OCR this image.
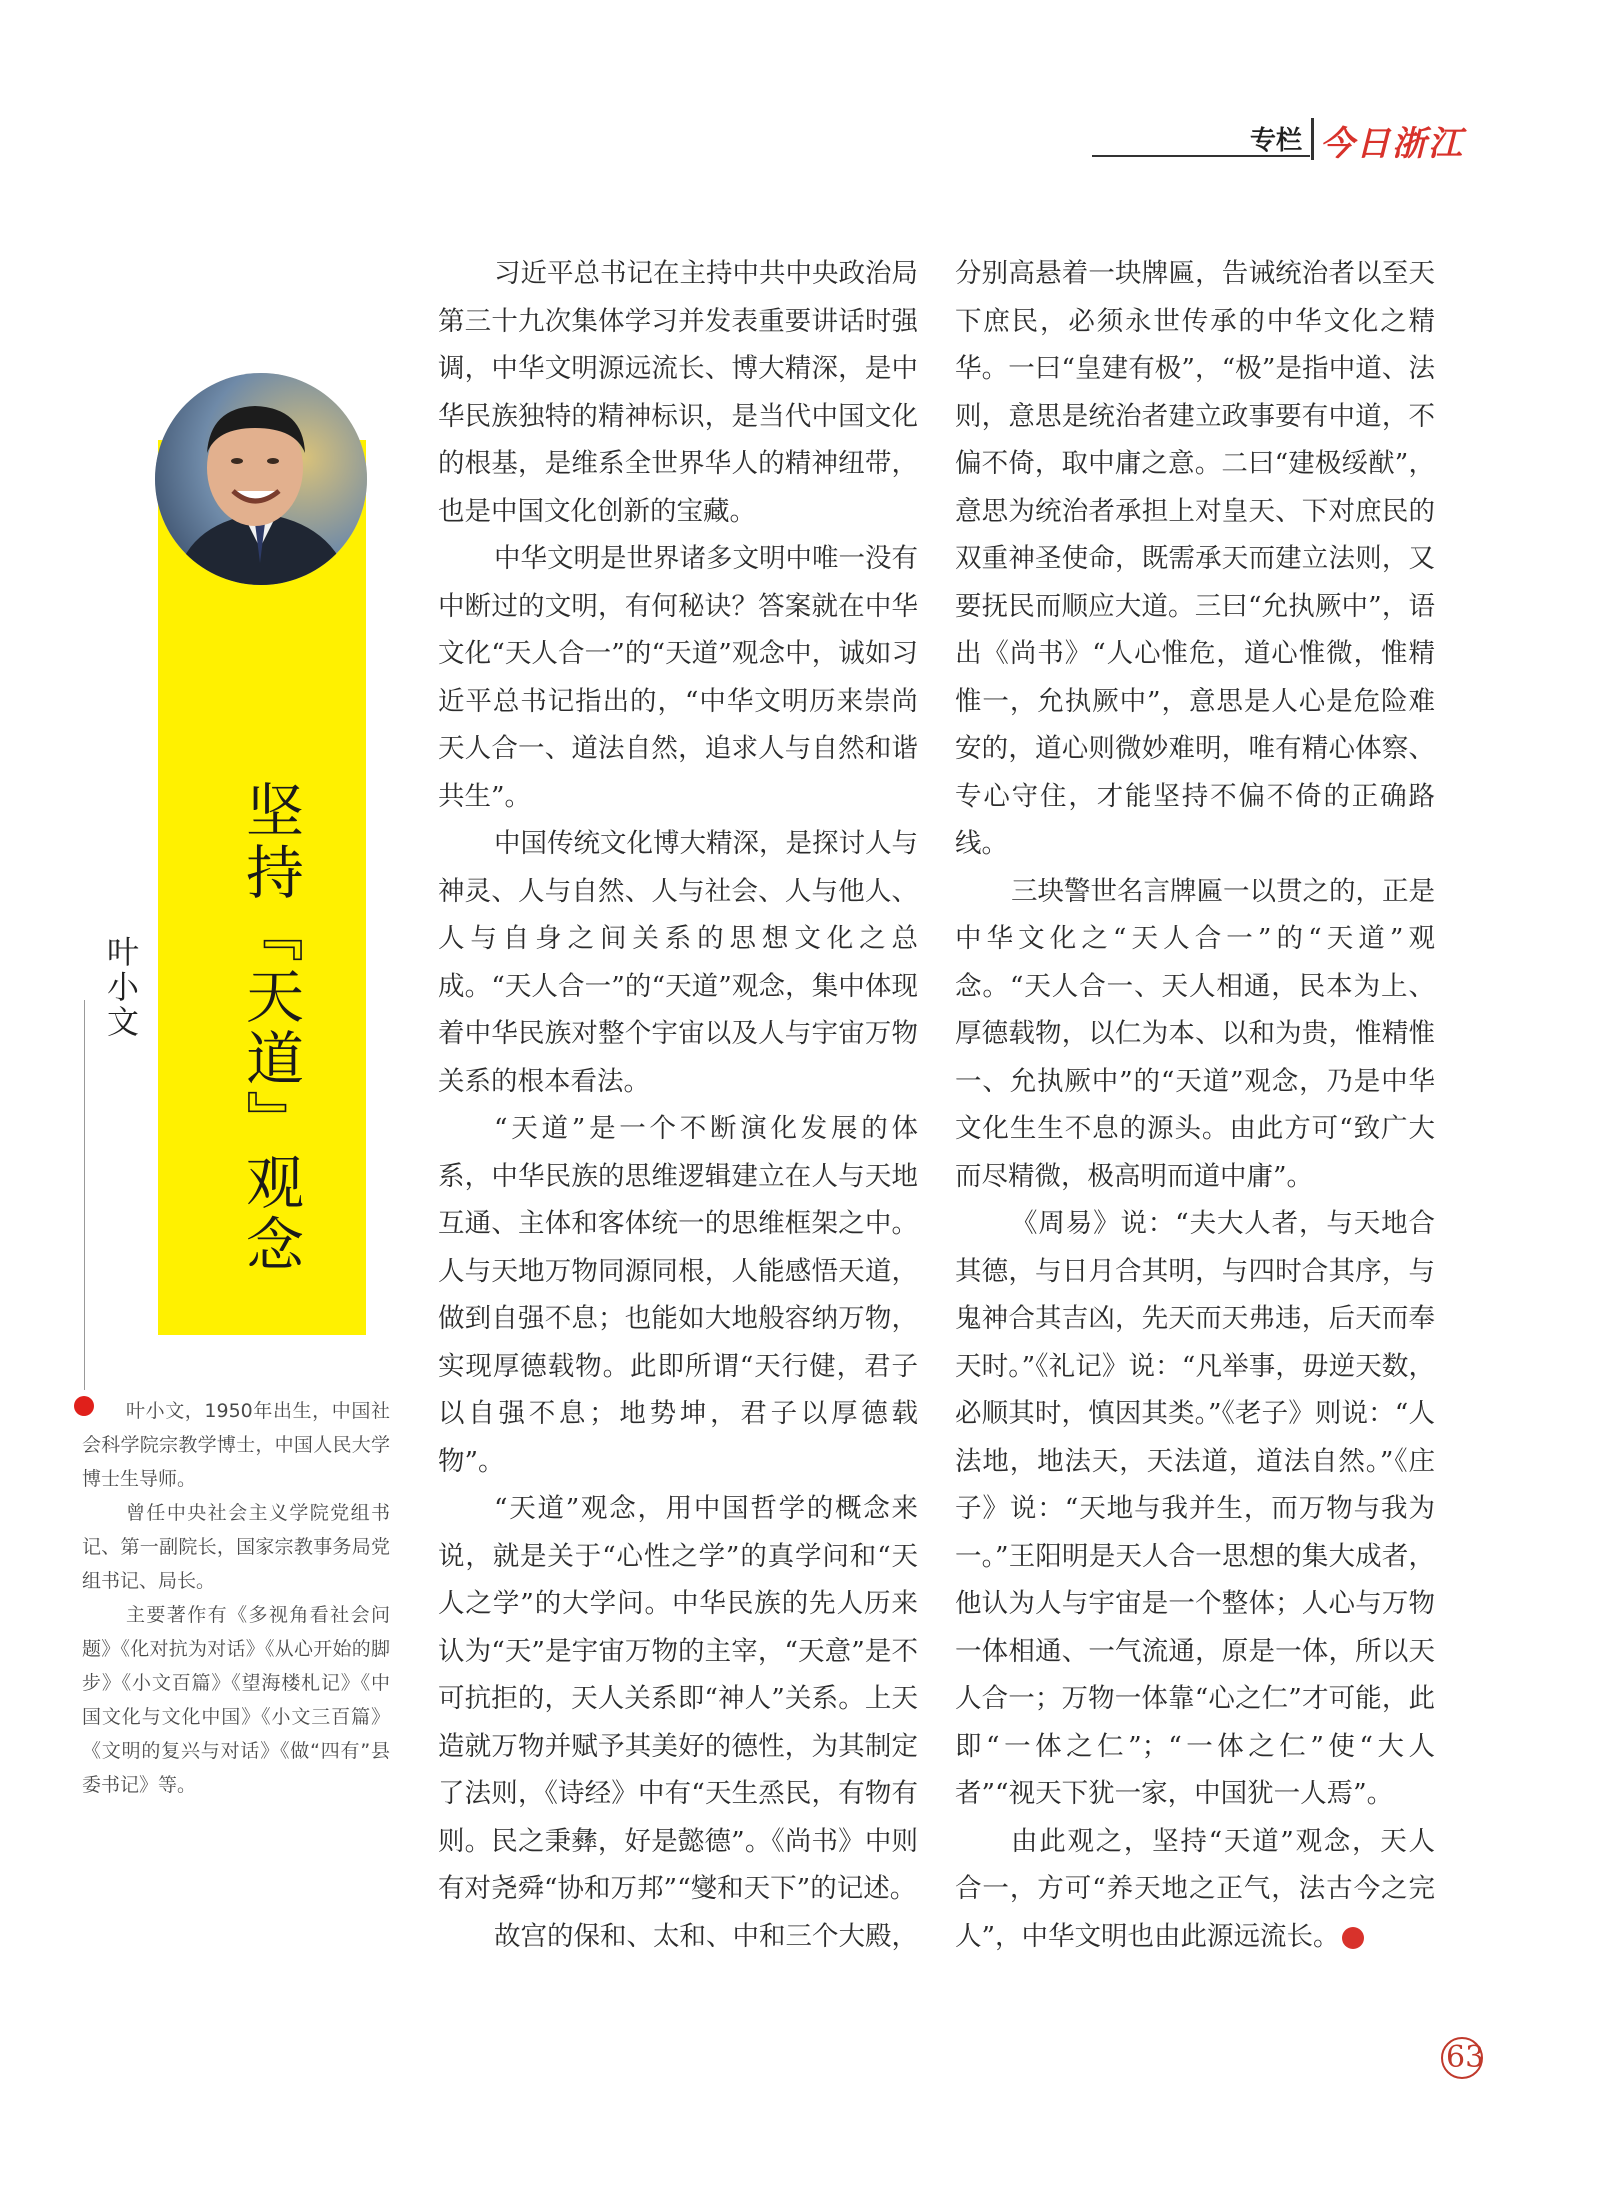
专栏 今日浙江
坚持『天道』观念
叶小文

叶小文，1950年出生，中国社会科学院宗教学博士，中国人民大学博士生导师。

曾任中央社会主义学院党组书记、第一副院长，国家宗教事务局党组书记、局长。

主要著作有《多视角看社会问题》《化对抗为对话》《从心开始的脚步》《小文百篇》《望海楼札记》《中国文化与文化中国》《小文三百篇》《文明的复兴与对话》《做“四有”县委书记》等。

习近平总书记在主持中共中央政治局第三十九次集体学习并发表重要讲话时强调，中华文明源远流长、博大精深，是中华民族独特的精神标识，是当代中国文化的根基，是维系全世界华人的精神纽带，也是中国文化创新的宝藏。

中华文明是世界诸多文明中唯一没有中断过的文明，有何秘诀？答案就在中华文化“天人合一”的“天道”观念中，诚如习近平总书记指出的，“中华文明历来崇尚天人合一、道法自然，追求人与自然和谐共生”。

中国传统文化博大精深，是探讨人与神灵、人与自然、人与社会、人与他人、人与自身之间关系的思想文化之总成。“天人合一”的“天道”观念，集中体现着中华民族对整个宇宙以及人与宇宙万物关系的根本看法。

“天道”是一个不断演化发展的体系，中华民族的思维逻辑建立在人与天地互通、主体和客体统一的思维框架之中。人与天地万物同源同根，人能感悟天道，做到自强不息；也能如大地般容纳万物，实现厚德载物。此即所谓“天行健，君子以自强不息；地势坤，君子以厚德载物”。

“天道”观念，用中国哲学的概念来说，就是关于“心性之学”的真学问和“天人之学”的大学问。中华民族的先人历来认为“天”是宇宙万物的主宰，“天意”是不可抗拒的，天人关系即“神人”关系。上天造就万物并赋予其美好的德性，为其制定了法则，《诗经》中有“天生烝民，有物有则。民之秉彝，好是懿德”。《尚书》中则有对尧舜“协和万邦”“燮和天下”的记述。

故宫的保和、太和、中和三个大殿，

分别高悬着一块牌匾，告诫统治者以至天下庶民，必须永世传承的中华文化之精华。一曰“皇建有极”，“极”是指中道、法则，意思是统治者建立政事要有中道，不偏不倚，取中庸之意。二曰“建极绥猷”，意思为统治者承担上对皇天、下对庶民的双重神圣使命，既需承天而建立法则，又要抚民而顺应大道。三曰“允执厥中”，语出《尚书》“人心惟危，道心惟微，惟精惟一，允执厥中”，意思是人心是危险难安的，道心则微妙难明，唯有精心体察、专心守住，才能坚持不偏不倚的正确路线。

三块警世名言牌匾一以贯之的，正是中华文化之“天人合一”的“天道”观念。“天人合一、天人相通，民本为上、厚德载物，以仁为本、以和为贵，惟精惟一、允执厥中”的“天道”观念，乃是中华文化生生不息的源头。由此方可“致广大而尽精微，极高明而道中庸”。

《周易》说：“夫大人者，与天地合其德，与日月合其明，与四时合其序，与鬼神合其吉凶，先天而天弗违，后天而奉天时。”《礼记》说：“凡举事，毋逆天数，必顺其时，慎因其类。”《老子》则说：“人法地，地法天，天法道，道法自然。”《庄子》说：“天地与我并生，而万物与我为一。”王阳明是天人合一思想的集大成者，他认为人与宇宙是一个整体；人心与万物一体相通、一气流通，原是一体，所以天人合一；万物一体靠“心之仁”才可能，此即“一体之仁”；“一体之仁”使“大人者”“视天下犹一家，中国犹一人焉”。

由此观之，坚持“天道”观念，天人合一，方可“养天地之正气，法古今之完人”，中华文明也由此源远流长。	今

63
